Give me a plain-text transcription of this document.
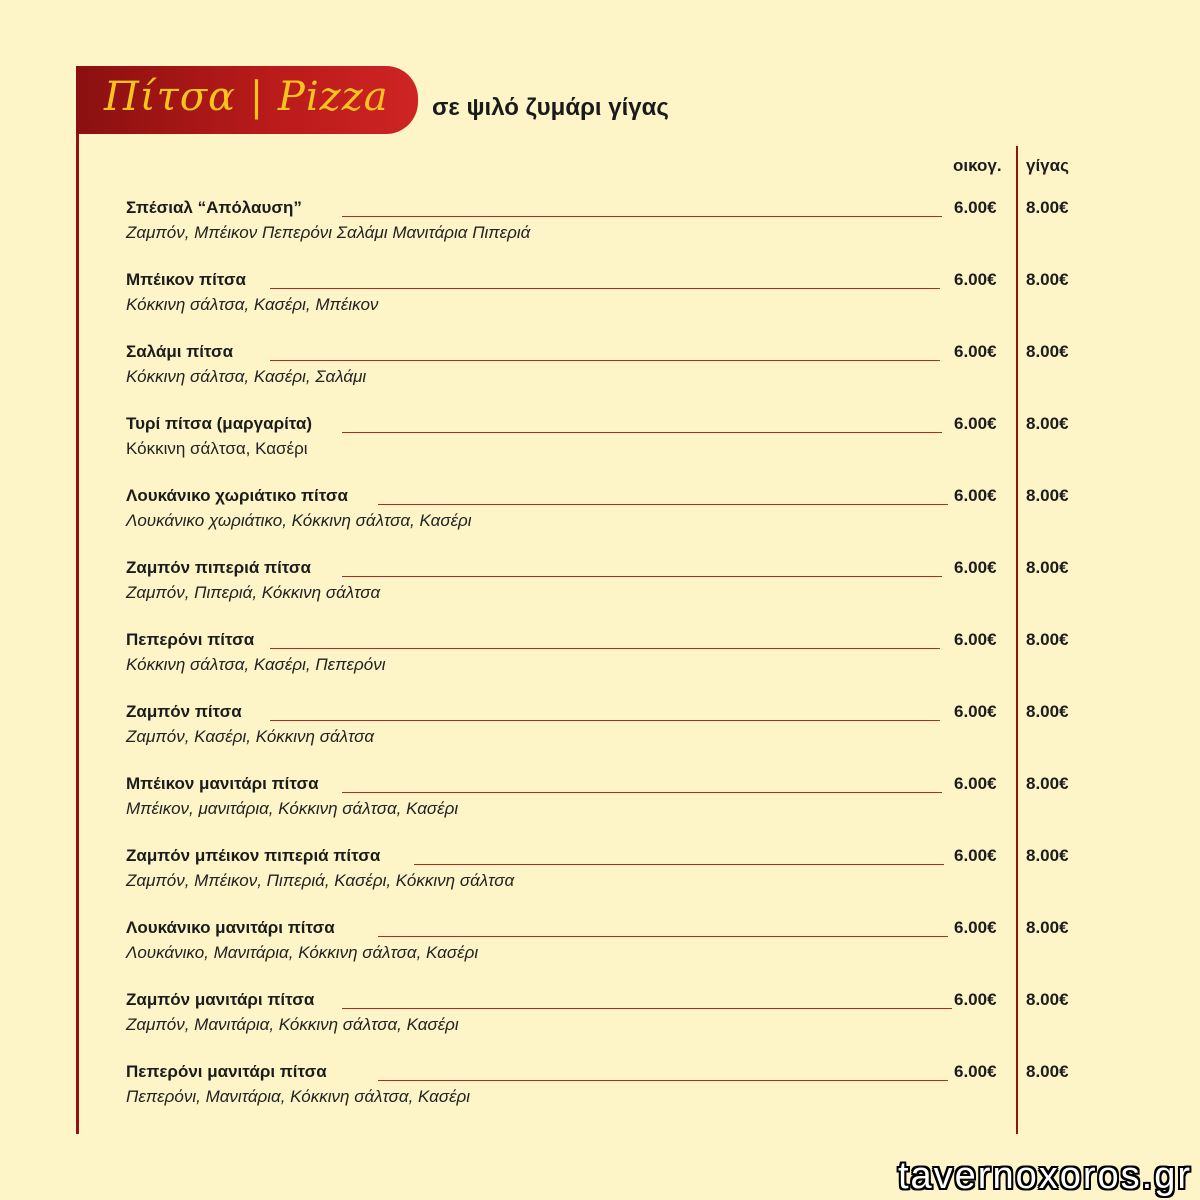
Πίτσα | Pizza σε ψιλό ζυμάρι γίγας
οικογ. γίγας
Σπέσιαλ “Απόλαυση”	6.00€ 8.00€
Ζαμπόν, Μπέικον Πεπερόνι Σαλάμι Μανιτάρια Πιπεριά
Μπέικον πίτσα	6.00€ 8.00€
Κόκκινη σάλτσα, Κασέρι, Μπέικον
Σαλάμι πίτσα	6.00€ 8.00€
Κόκκινη σάλτσα, Κασέρι, Σαλάμι
Τυρί πίτσα (μαργαρίτα)	6.00€ 8.00€
Κόκκινη σάλτσα, Κασέρι
Λουκάνικο χωριάτικο πίτσα	6.00€ 8.00€
Λουκάνικο χωριάτικο, Κόκκινη σάλτσα, Κασέρι
Ζαμπόν πιπεριά πίτσα	6.00€ 8.00€
Ζαμπόν, Πιπεριά, Κόκκινη σάλτσα
Πεπερόνι πίτσα	6.00€ 8.00€
Κόκκινη σάλτσα, Κασέρι, Πεπερόνι
Ζαμπόν πίτσα	6.00€ 8.00€
Ζαμπόν, Κασέρι, Κόκκινη σάλτσα
Μπέικον μανιτάρι πίτσα	6.00€ 8.00€
Μπέικον, μανιτάρια, Κόκκινη σάλτσα, Κασέρι
Ζαμπόν μπέικον πιπεριά πίτσα	6.00€ 8.00€
Ζαμπόν, Μπέικον, Πιπεριά, Κασέρι, Κόκκινη σάλτσα
Λουκάνικο μανιτάρι πίτσα	6.00€ 8.00€
Λουκάνικο, Μανιτάρια, Κόκκινη σάλτσα, Κασέρι
Ζαμπόν μανιτάρι πίτσα	6.00€ 8.00€
Ζαμπόν, Μανιτάρια, Κόκκινη σάλτσα, Κασέρι
Πεπερόνι μανιτάρι πίτσα	6.00€ 8.00€
Πεπερόνι, Μανιτάρια, Κόκκινη σάλτσα, Κασέρι
tavernoxoros.gr
